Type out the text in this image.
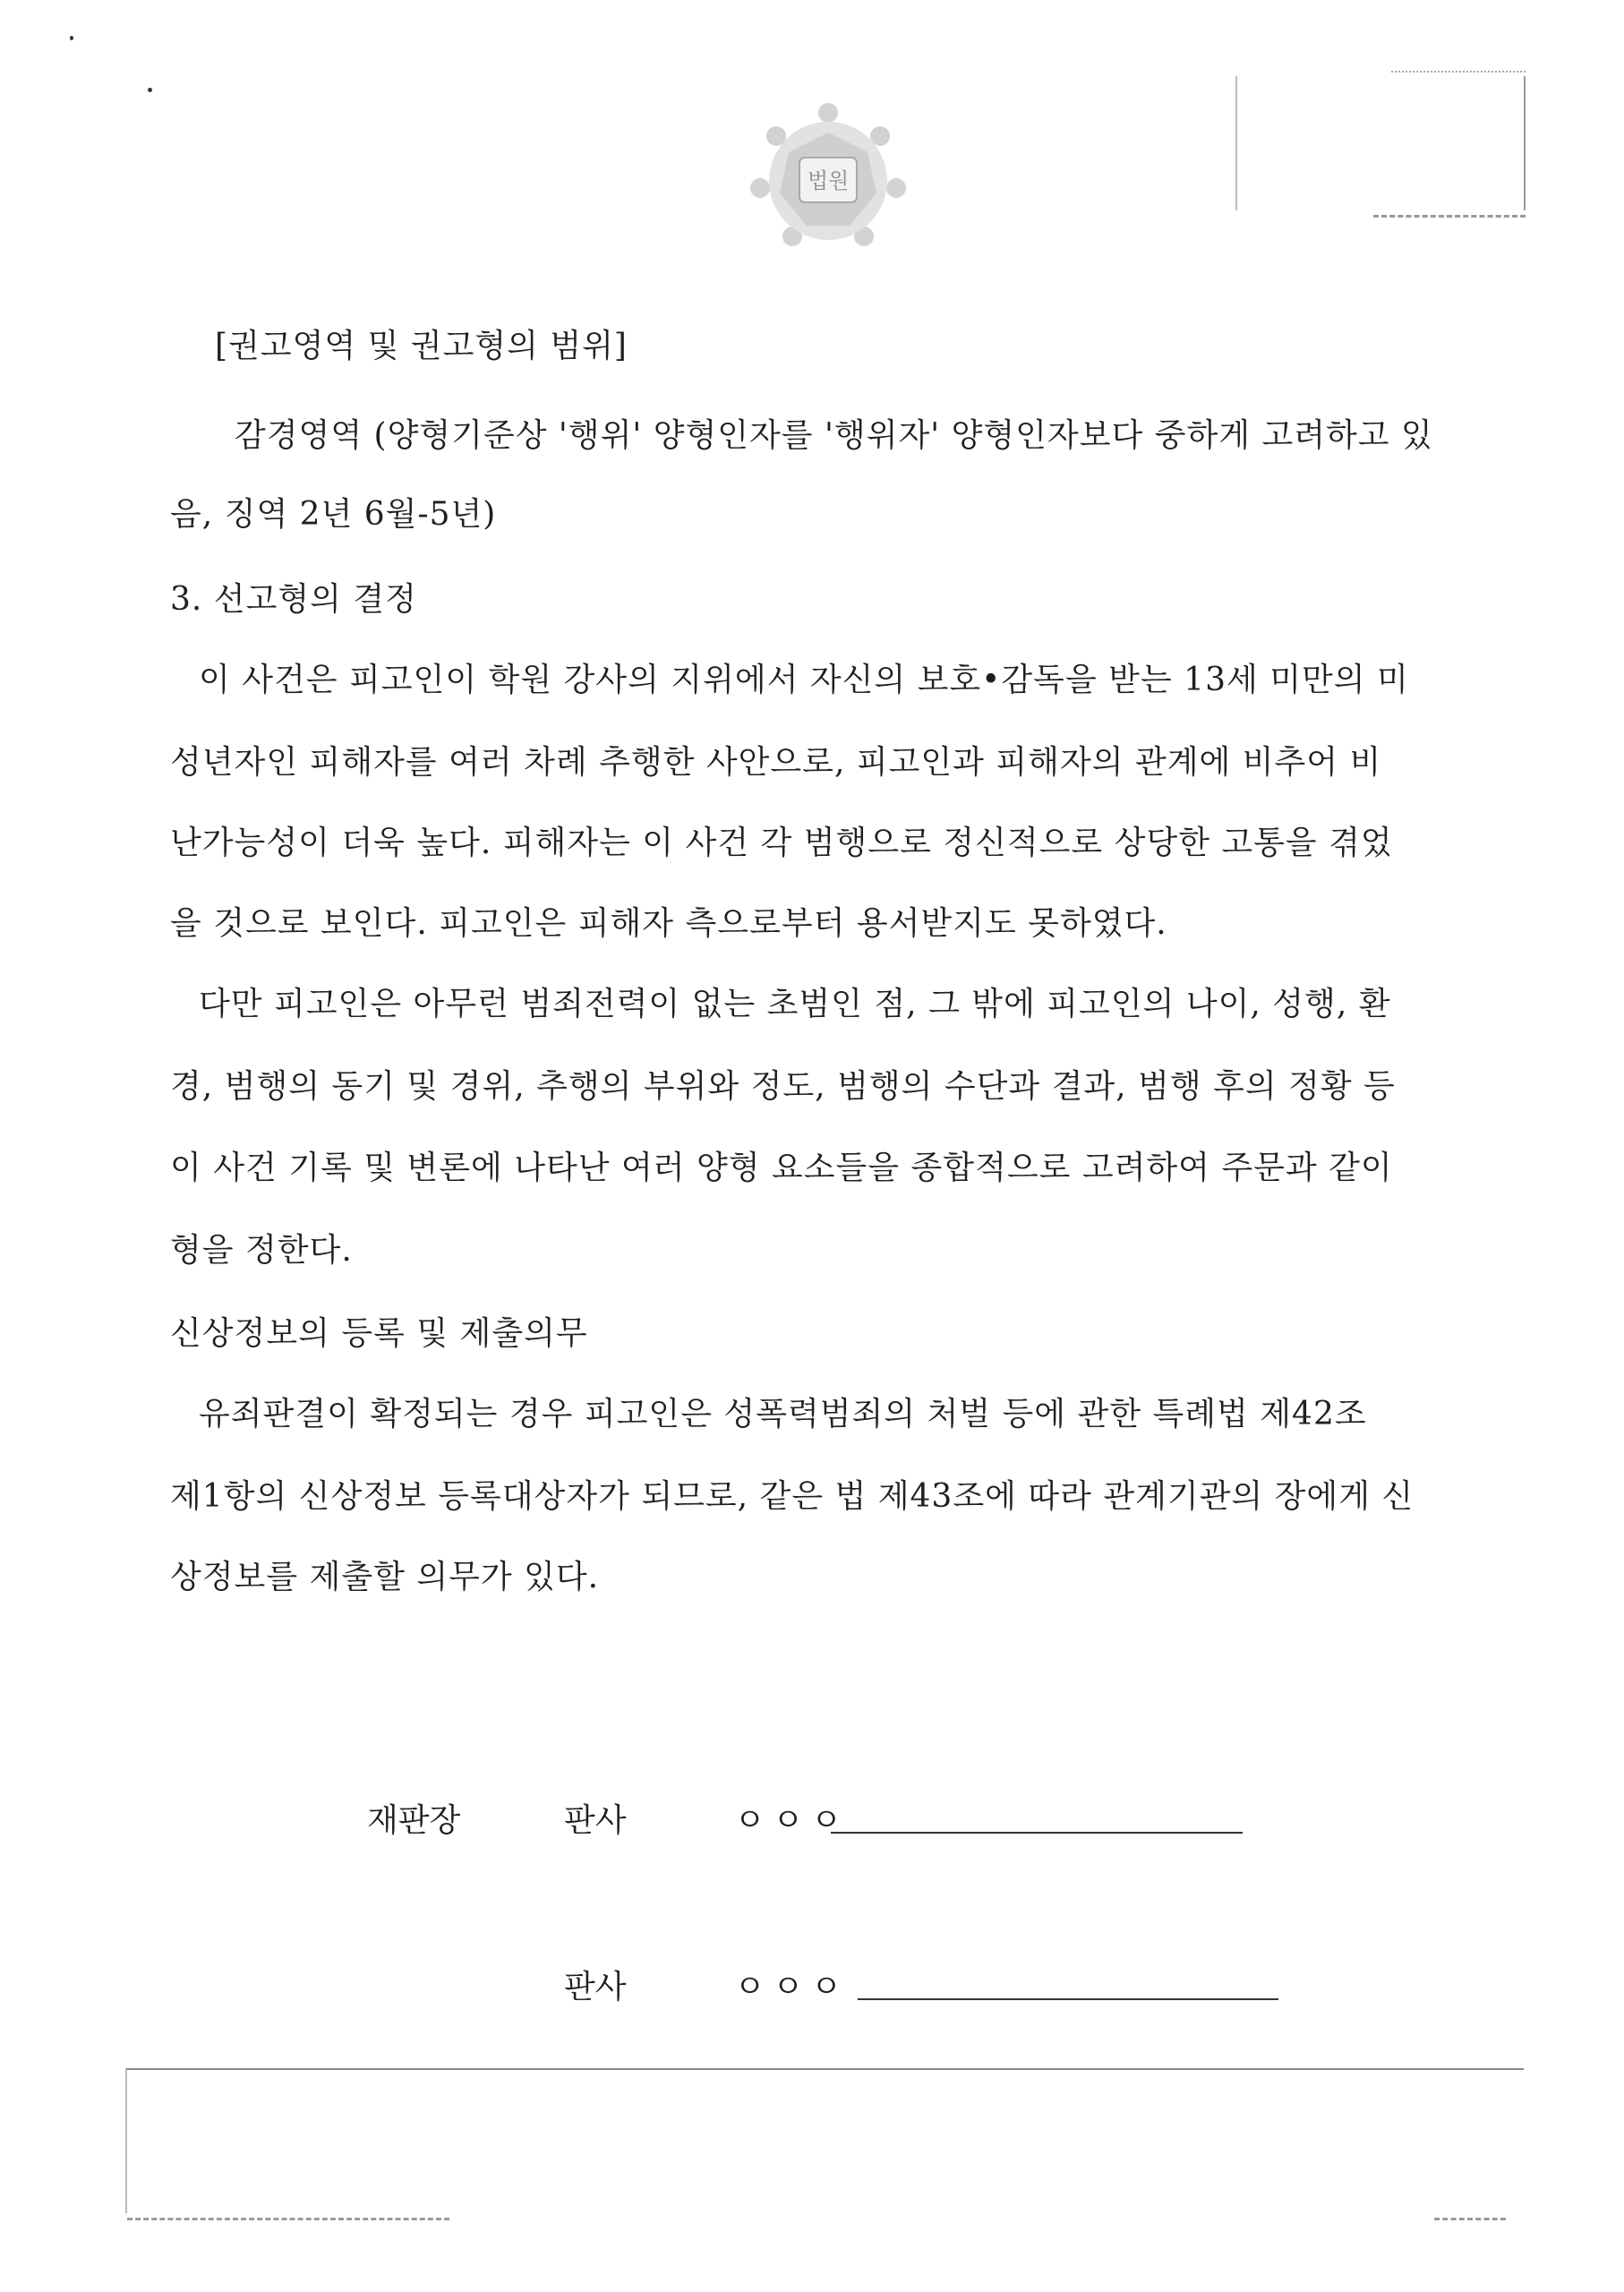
법원
[권고영역 및 권고형의 범위]
감경영역 (양형기준상 '행위' 양형인자를 '행위자' 양형인자보다 중하게 고려하고 있
음, 징역 2년 6월-5년)
3. 선고형의 결정
이 사건은 피고인이 학원 강사의 지위에서 자신의 보호•감독을 받는 13세 미만의 미
성년자인 피해자를 여러 차례 추행한 사안으로, 피고인과 피해자의 관계에 비추어 비
난가능성이 더욱 높다. 피해자는 이 사건 각 범행으로 정신적으로 상당한 고통을 겪었
을 것으로 보인다. 피고인은 피해자 측으로부터 용서받지도 못하였다.
다만 피고인은 아무런 범죄전력이 없는 초범인 점, 그 밖에 피고인의 나이, 성행, 환
경, 범행의 동기 및 경위, 추행의 부위와 정도, 범행의 수단과 결과, 범행 후의 정황 등
이 사건 기록 및 변론에 나타난 여러 양형 요소들을 종합적으로 고려하여 주문과 같이
형을 정한다.
신상정보의 등록 및 제출의무
유죄판결이 확정되는 경우 피고인은 성폭력범죄의 처벌 등에 관한 특례법 제42조
제1항의 신상정보 등록대상자가 되므로, 같은 법 제43조에 따라 관계기관의 장에게 신
상정보를 제출할 의무가 있다.
재판장	판사	ㅇㅇㅇ
판사	ㅇㅇㅇ
